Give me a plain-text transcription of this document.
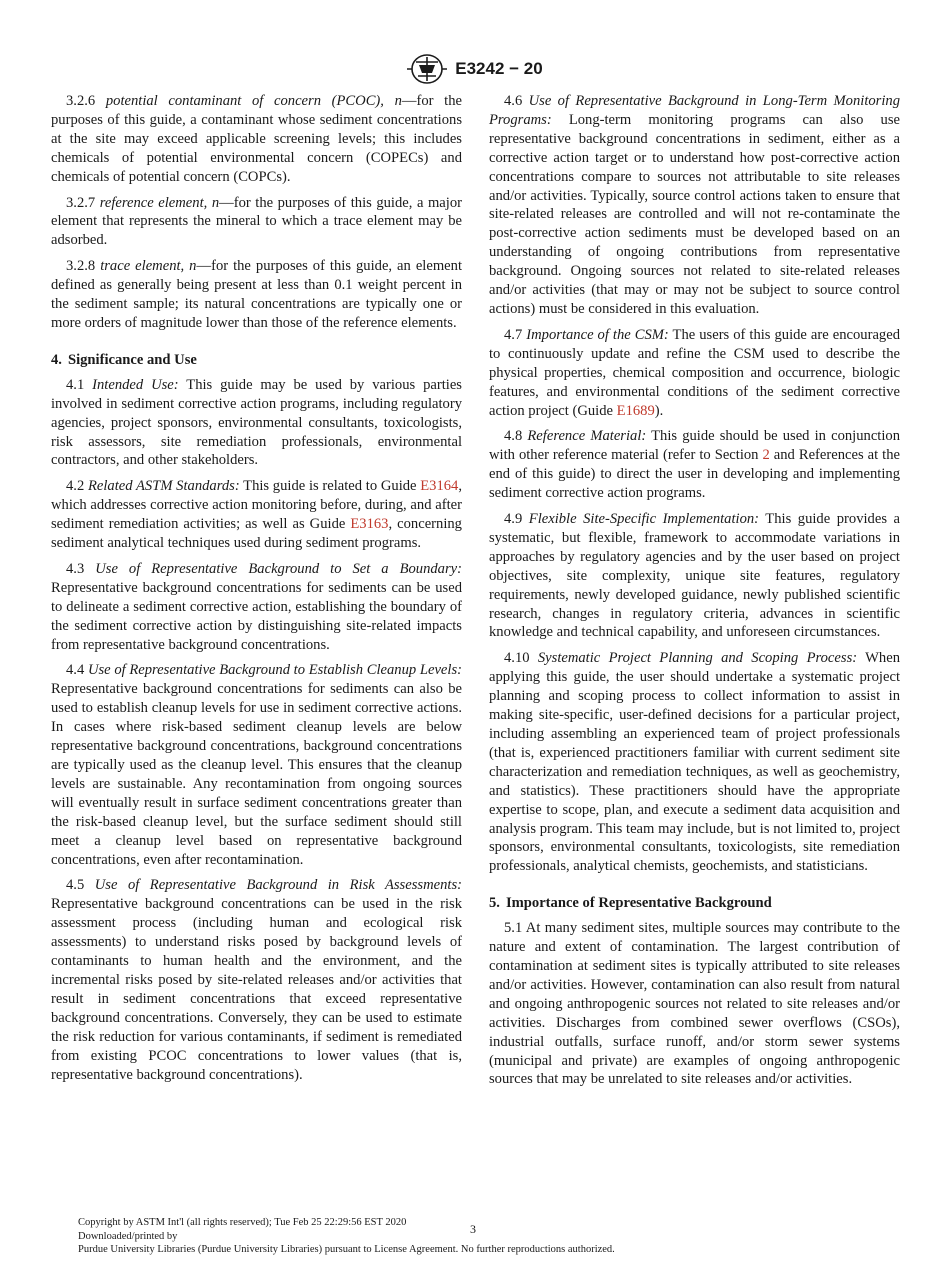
E3242 − 20

3.2.6 potential contaminant of concern (PCOC), n—for the purposes of this guide, a contaminant whose sediment concentrations at the site may exceed applicable screening levels; this includes chemicals of potential environmental concern (COPECs) and chemicals of potential concern (COPCs).

3.2.7 reference element, n—for the purposes of this guide, a major element that represents the mineral to which a trace element may be adsorbed.

3.2.8 trace element, n—for the purposes of this guide, an element defined as generally being present at less than 0.1 weight percent in the sediment sample; its natural concentrations are typically one or more orders of magnitude lower than those of the reference elements.

4. Significance and Use

4.1 Intended Use: This guide may be used by various parties involved in sediment corrective action programs, including regulatory agencies, project sponsors, environmental consultants, toxicologists, risk assessors, site remediation professionals, environmental contractors, and other stakeholders.

4.2 Related ASTM Standards: This guide is related to Guide E3164, which addresses corrective action monitoring before, during, and after sediment remediation activities; as well as Guide E3163, concerning sediment analytical techniques used during sediment programs.

4.3 Use of Representative Background to Set a Boundary: Representative background concentrations for sediments can be used to delineate a sediment corrective action, establishing the boundary of the sediment corrective action by distinguishing site-related impacts from representative background concentrations.

4.4 Use of Representative Background to Establish Cleanup Levels: Representative background concentrations for sediments can also be used to establish cleanup levels for use in sediment corrective actions. In cases where risk-based sediment cleanup levels are below representative background concentrations, background concentrations are typically used as the cleanup level. This ensures that the cleanup levels are sustainable. Any recontamination from ongoing sources will eventually result in surface sediment concentrations greater than the risk-based cleanup level, but the surface sediment should still meet a cleanup level based on representative background concentrations, even after recontamination.

4.5 Use of Representative Background in Risk Assessments: Representative background concentrations can be used in the risk assessment process (including human and ecological risk assessments) to understand risks posed by background levels of contaminants to human health and the environment, and the incremental risks posed by site-related releases and/or activities that result in sediment concentrations that exceed representative background concentrations. Conversely, they can be used to estimate the risk reduction for various contaminants, if sediment is remediated from existing PCOC concentrations to lower values (that is, representative background concentrations).

4.6 Use of Representative Background in Long-Term Monitoring Programs: Long-term monitoring programs can also use representative background concentrations in sediment, either as a corrective action target or to understand how post-corrective action concentrations compare to sources not attributable to site releases and/or activities. Typically, source control actions taken to ensure that site-related releases are controlled and will not re-contaminate the post-corrective action sediments must be developed based on an understanding of ongoing contributions from representative background. Ongoing sources not related to site-related releases and/or activities (that may or may not be subject to source control actions) must be considered in this evaluation.

4.7 Importance of the CSM: The users of this guide are encouraged to continuously update and refine the CSM used to describe the physical properties, chemical composition and occurrence, biologic features, and environmental conditions of the sediment corrective action project (Guide E1689).

4.8 Reference Material: This guide should be used in conjunction with other reference material (refer to Section 2 and References at the end of this guide) to direct the user in developing and implementing sediment corrective action programs.

4.9 Flexible Site-Specific Implementation: This guide provides a systematic, but flexible, framework to accommodate variations in approaches by regulatory agencies and by the user based on project objectives, site complexity, unique site features, regulatory requirements, newly developed guidance, newly published scientific research, changes in regulatory criteria, advances in scientific knowledge and technical capability, and unforeseen circumstances.

4.10 Systematic Project Planning and Scoping Process: When applying this guide, the user should undertake a systematic project planning and scoping process to collect information to assist in making site-specific, user-defined decisions for a particular project, including assembling an experienced team of project professionals (that is, experienced practitioners familiar with current sediment site characterization and remediation techniques, as well as geochemistry, and statistics). These practitioners should have the appropriate expertise to scope, plan, and execute a sediment data acquisition and analysis program. This team may include, but is not limited to, project sponsors, environmental consultants, toxicologists, site remediation professionals, analytical chemists, geochemists, and statisticians.

5. Importance of Representative Background

5.1 At many sediment sites, multiple sources may contribute to the nature and extent of contamination. The largest contribution of contamination at sediment sites is typically attributed to site releases and/or activities. However, contamination can also result from natural and ongoing anthropogenic sources not related to site releases and/or activities. Discharges from combined sewer overflows (CSOs), industrial outfalls, surface runoff, and/or storm sewer systems (municipal and private) are examples of ongoing anthropogenic sources that may be unrelated to site releases and/or activities.

Copyright by ASTM Int'l (all rights reserved); Tue Feb 25 22:29:56 EST 2020
Downloaded/printed by
Purdue University Libraries (Purdue University Libraries) pursuant to License Agreement. No further reproductions authorized.
3
